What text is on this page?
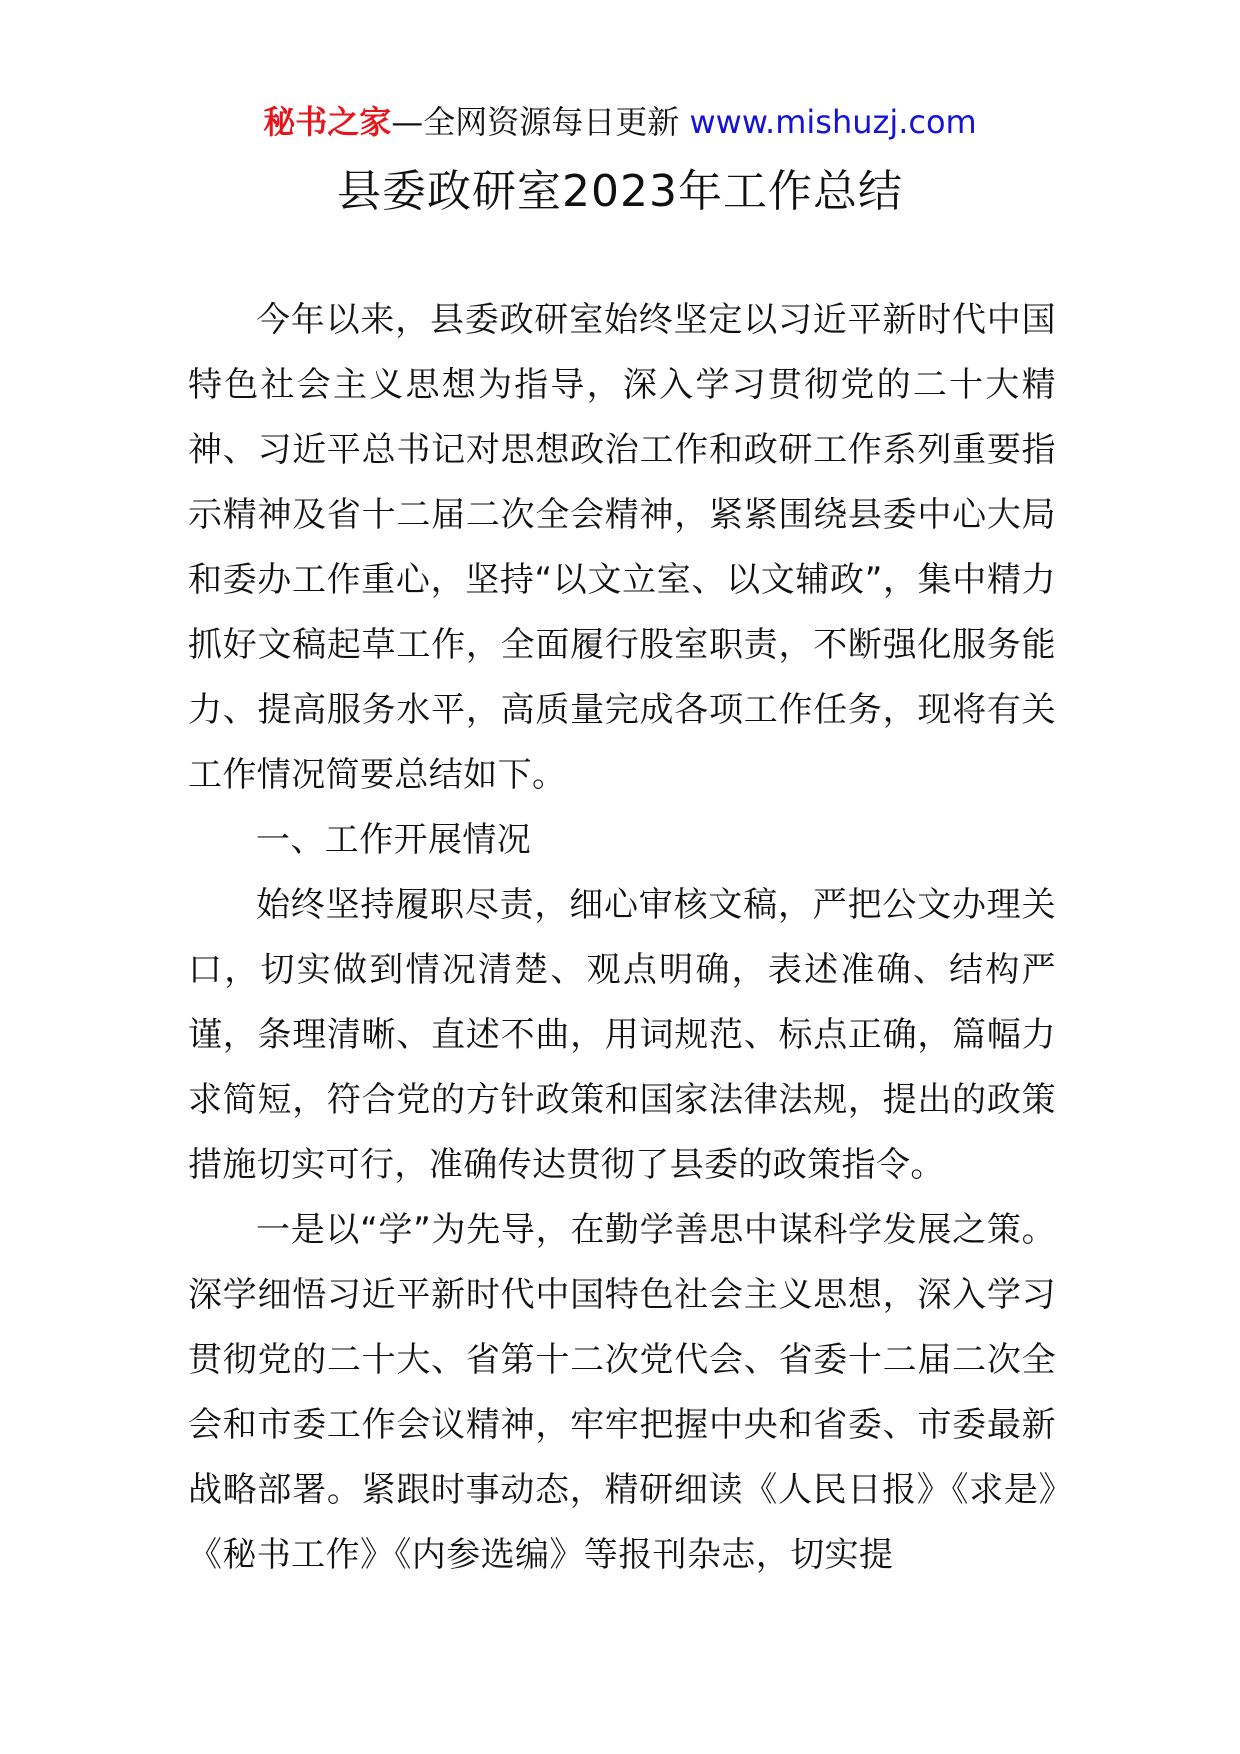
秘书之家—全网资源每日更新 www.mishuzj.com
县委政研室2023年工作总结

今年以来，县委政研室始终坚定以习近平新时代中国特色社会主义思想为指导，深入学习贯彻党的二十大精神、习近平总书记对思想政治工作和政研工作系列重要指示精神及省十二届二次全会精神，紧紧围绕县委中心大局和委办工作重心，坚持“以文立室、以文辅政”，集中精力抓好文稿起草工作，全面履行股室职责，不断强化服务能力、提高服务水平，高质量完成各项工作任务，现将有关工作情况简要总结如下。

一、工作开展情况

始终坚持履职尽责，细心审核文稿，严把公文办理关口，切实做到情况清楚、观点明确，表述准确、结构严谨，条理清晰、直述不曲，用词规范、标点正确，篇幅力求简短，符合党的方针政策和国家法律法规，提出的政策措施切实可行，准确传达贯彻了县委的政策指令。

一是以“学”为先导，在勤学善思中谋科学发展之策。深学细悟习近平新时代中国特色社会主义思想，深入学习贯彻党的二十大、省第十二次党代会、省委十二届二次全会和市委工作会议精神，牢牢把握中央和省委、市委最新战略部署。紧跟时事动态，精研细读《人民日报》《求是》《秘书工作》《内参选编》等报刊杂志，切实提
